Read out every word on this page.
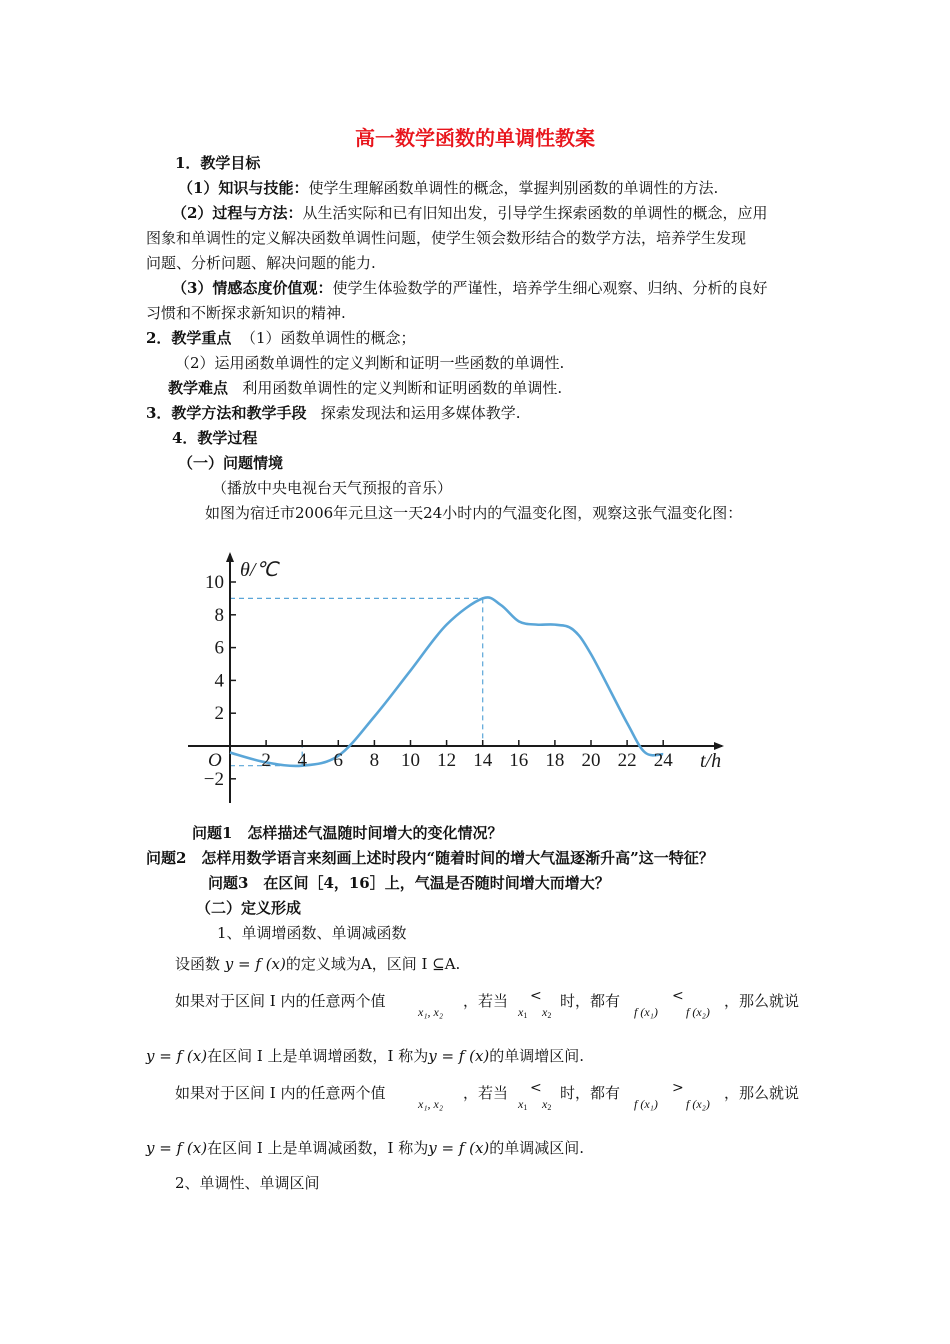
高一数学函数的单调性教案
1．教学目标
（1）知识与技能：使学生理解函数单调性的概念，掌握判别函数的单调性的方法.
（2）过程与方法：从生活实际和已有旧知出发，引导学生探索函数的单调性的概念，应用
图象和单调性的定义解决函数单调性问题，使学生领会数形结合的数学方法，培养学生发现
问题、分析问题、解决问题的能力.
（3）情感态度价值观：使学生体验数学的严谨性，培养学生细心观察、归纳、分析的良好
习惯和不断探求新知识的精神.
2．教学重点 （1）函数单调性的概念；
（2）运用函数单调性的定义判断和证明一些函数的单调性.
教学难点 利用函数单调性的定义判断和证明函数的单调性.
3．教学方法和教学手段 探索发现法和运用多媒体教学.
4．教学过程
（一）问题情境
（播放中央电视台天气预报的音乐）
如图为宿迁市2006年元旦这一天24小时内的气温变化图，观察这张气温变化图：
θ/℃
t/h
O 2 4 6 8 10 12 14 16 18 20 22 24
10
8
6
4
2
−2
问题1　怎样描述气温随时间增大的变化情况？
问题2　怎样用数学语言来刻画上述时段内“随着时间的增大气温逐渐升高”这一特征？
问题3　在区间［4，16］上，气温是否随时间增大而增大？
（二）定义形成
1、单调增函数、单调减函数
设函数 y = f (x)的定义域为A，区间 I ⊆A.
如果对于区间 I 内的任意两个值
x₁, x₂
，若当
x1
<
x2
时，都有
f (x₁)
<
f (x₂)
，那么就说
y = f (x)在区间 I 上是单调增函数，I 称为y = f (x)的单调增区间.
如果对于区间 I 内的任意两个值
x₁, x₂
，若当
x1
<
x2
时，都有
f (x₁)
>
f (x₂)
，那么就说
y = f (x)在区间 I 上是单调减函数，I 称为y = f (x)的单调减区间.
2、单调性、单调区间
